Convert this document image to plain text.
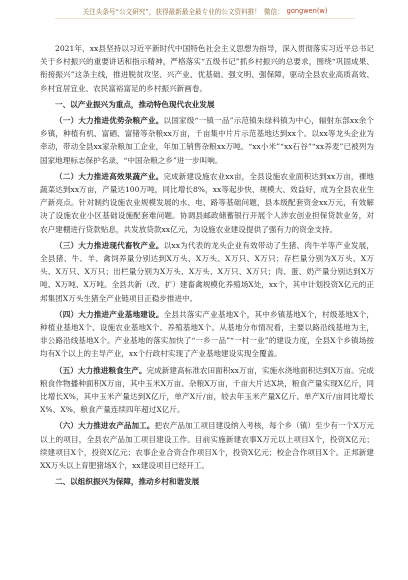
关注头条号“公文研究”，获得最新最全最专业的公文资料推！ 微信： gongwen(w)

2021年，xx县坚持以习近平新时代中国特色社会主义思想为指导，深入贯彻落实习近平总书记关于乡村振兴的重要讲话和指示精神，严格落实“五级书记”抓乡村振兴的总要求，围绕“巩固成果、衔接振兴”这条主线，推进脱贫攻坚、兴产业、优基础、强文明、强保障，驱动全县农业高质高效、乡村宜居宜业、农民富裕富足的乡村振兴新画卷。

一、以产业振兴为重点，推动特色现代农业发展

（一）大力推进优势杂粮产业。以国家级“一镇一品”示范镇朱绿科镇为中心，辐射东部xx余个乡镇，种植有机、富硒、富锗等杂粮xx万亩，千亩集中片片示范基地达到xx个。以xx等龙头企业为牵动，带动全县xx家杂粮加工企业，年加工销售杂粮xx万吨。“xx小米”“xx石谷”“xx养麦”已被列为国家地理标志保护名录，“中国杂粮之乡”进一步叫响。

（二）大力推进高效果蔬产业。完成新建设施农业xx亩，全县设施农业面积达到xx万亩，裸地蔬菜达到xx万亩，产量达100万吨，同比增长8%，xx等起步快、规模大、效益好，成为全县农业生产新亮点。针对制约设施农业规模发展的水、电、路等基础问题，县本级配套资金xx万元，有效解决了设施农业小区基础设施配套难问题。协调县邮政储蓄银行开展个人涉农创业担保贷款业务，对农户建棚进行贷款贴息，共发放贷款xx亿元，为设施农业建设提供了强有力的资金支持。

（三）大力推进现代畜牧产业。以xx为代表的龙头企业有效带动了生猪、肉牛羊等产业发展，全县猪、牛、羊、禽饲养量分别达到X万头、X万头、X万只、X万只；存栏量分别为X万头、X万头、X万只、X万只；出栏量分别为X万头、X万头、X万只、X万只；肉、蛋、奶产量分别达到X万吨、X万吨、X万吨。全县共新（改、扩）建畜禽规模化养殖场X处，xx个，其中计划投资X亿元的正邦集团X万头生猪全产业链项目正稳步推进中。

（四）大力推进产业基地建设。全县共落实产业基地X个，其中乡镇基地X个，村级基地X个，种植业基地X个、设施农业基地X个、养殖基地X个。从基地分布情况看，主要以路沿线基地为主，非公路沿线基地X个。产业基地的落实加快了“一乡一品”“一村一业”的建设力度，全县X个乡镇场按均有X个以上的主导产业，xx个行政村实现了产业基地建设实现全覆盖。

（五）大力推进粮食生产。完成新建高标准农田面积xx万亩，实施水浇地面积达到X万亩。完成粮食作物播种面积X万亩，其中玉米X万亩、杂粮X万亩，千亩大片达X块，粮食产量实现X亿斤，同比增长X%，其中玉米产量达到X亿斤，单产X斤/亩，较去年玉米产量X亿斤、单产X斤/亩同比增长X%、X%，粮食产量连续四年超过X亿斤。

（六）大力推进农产品加工。把农产品加工项目建设纳入考核，每个乡（镇）至少有一个X万元以上的项目，全县农产品加工项目建设工作。目前实施新建农事X万元以上项目X个，投资X亿元；续建项目X个，投资X亿元；农事企业合资合作项目X个，投资X亿元；校企合作项目X个。正邦新建XX万头以上育肥猪场X个，xx建设项目已经开工。

二、以组织振兴为保障，推动乡村和谐发展
